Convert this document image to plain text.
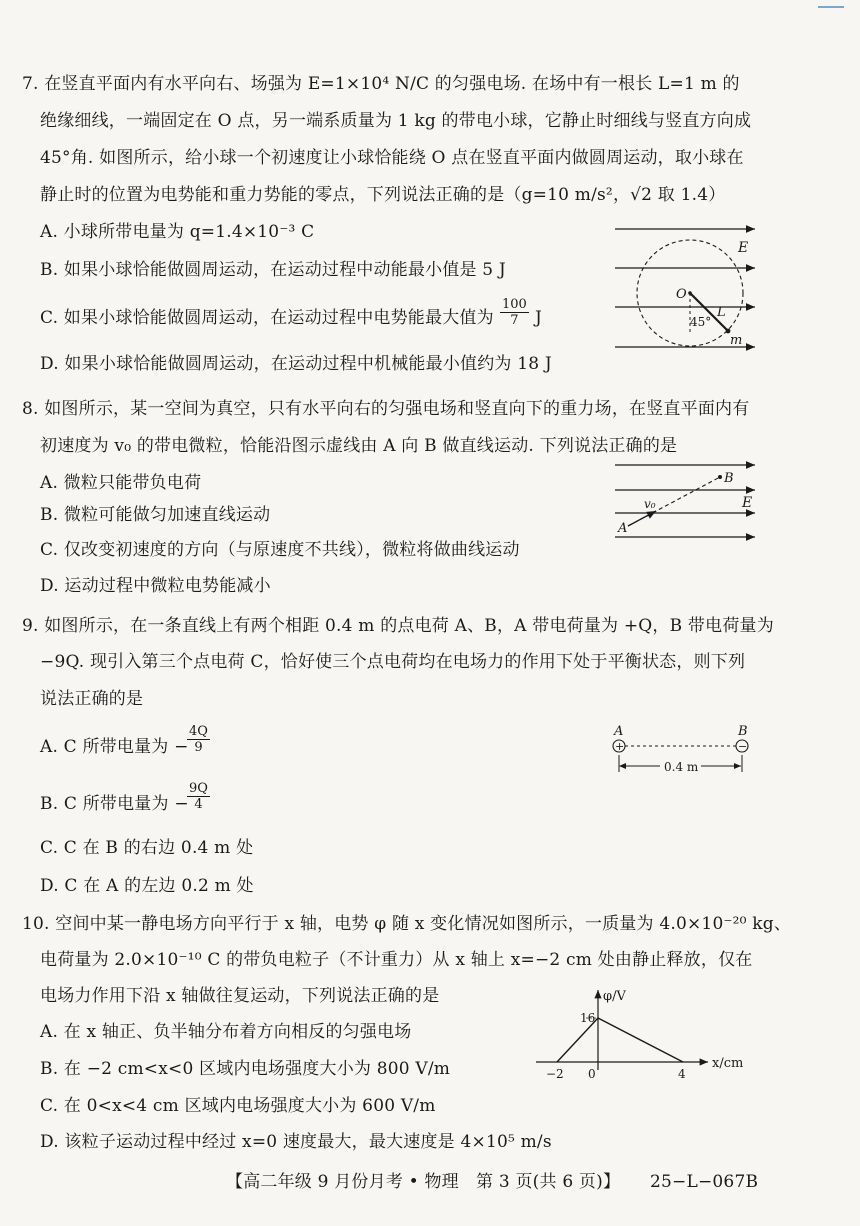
7. 在竖直平面内有水平向右、场强为 E=1×10⁴ N/C 的匀强电场. 在场中有一根长 L=1 m 的
绝缘细线，一端固定在 O 点，另一端系质量为 1 kg 的带电小球，它静止时细线与竖直方向成
45°角. 如图所示，给小球一个初速度让小球恰能绕 O 点在竖直平面内做圆周运动，取小球在
静止时的位置为电势能和重力势能的零点，下列说法正确的是（g=10 m/s²，√2 取 1.4）
A. 小球所带电量为 q=1.4×10⁻³ C
B. 如果小球恰能做圆周运动，在运动过程中动能最小值是 5 J
C. 如果小球恰能做圆周运动，在运动过程中电势能最大值为 $\frac{100}{7}$ J
D. 如果小球恰能做圆周运动，在运动过程中机械能最小值约为 18 J
E
O
L
45°
m
8. 如图所示，某一空间为真空，只有水平向右的匀强电场和竖直向下的重力场，在竖直平面内有
初速度为 v₀ 的带电微粒，恰能沿图示虚线由 A 向 B 做直线运动. 下列说法正确的是
A. 微粒只能带负电荷
B. 微粒可能做匀加速直线运动
C. 仅改变初速度的方向（与原速度不共线），微粒将做曲线运动
D. 运动过程中微粒电势能减小
B
A
v₀	E
9. 如图所示，在一条直线上有两个相距 0.4 m 的点电荷 A、B，A 带电荷量为 +Q，B 带电荷量为
−9Q. 现引入第三个点电荷 C，恰好使三个点电荷均在电场力的作用下处于平衡状态，则下列
说法正确的是
A. C 所带电量为 −
$\frac{4Q}{9}$
B. C 所带电量为 −
$\frac{9Q}{4}$
C. C 在 B 的右边 0.4 m 处
D. C 在 A 的左边 0.2 m 处
A	B
+	−
0.4 m
10. 空间中某一静电场方向平行于 x 轴，电势 φ 随 x 变化情况如图所示，一质量为 4.0×10⁻²⁰ kg、
电荷量为 2.0×10⁻¹⁰ C 的带负电粒子（不计重力）从 x 轴上 x=−2 cm 处由静止释放，仅在
电场力作用下沿 x 轴做往复运动，下列说法正确的是
A. 在 x 轴正、负半轴分布着方向相反的匀强电场
B. 在 −2 cm<x<0 区域内电场强度大小为 800 V/m
C. 在 0<x<4 cm 区域内电场强度大小为 600 V/m
D. 该粒子运动过程中经过 x=0 速度最大，最大速度是 4×10⁵ m/s
φ/V
x/cm
16
−2 0	4
【高二年级 9 月份月考 • 物理　第 3 页(共 6 页)】 25−L−067B
